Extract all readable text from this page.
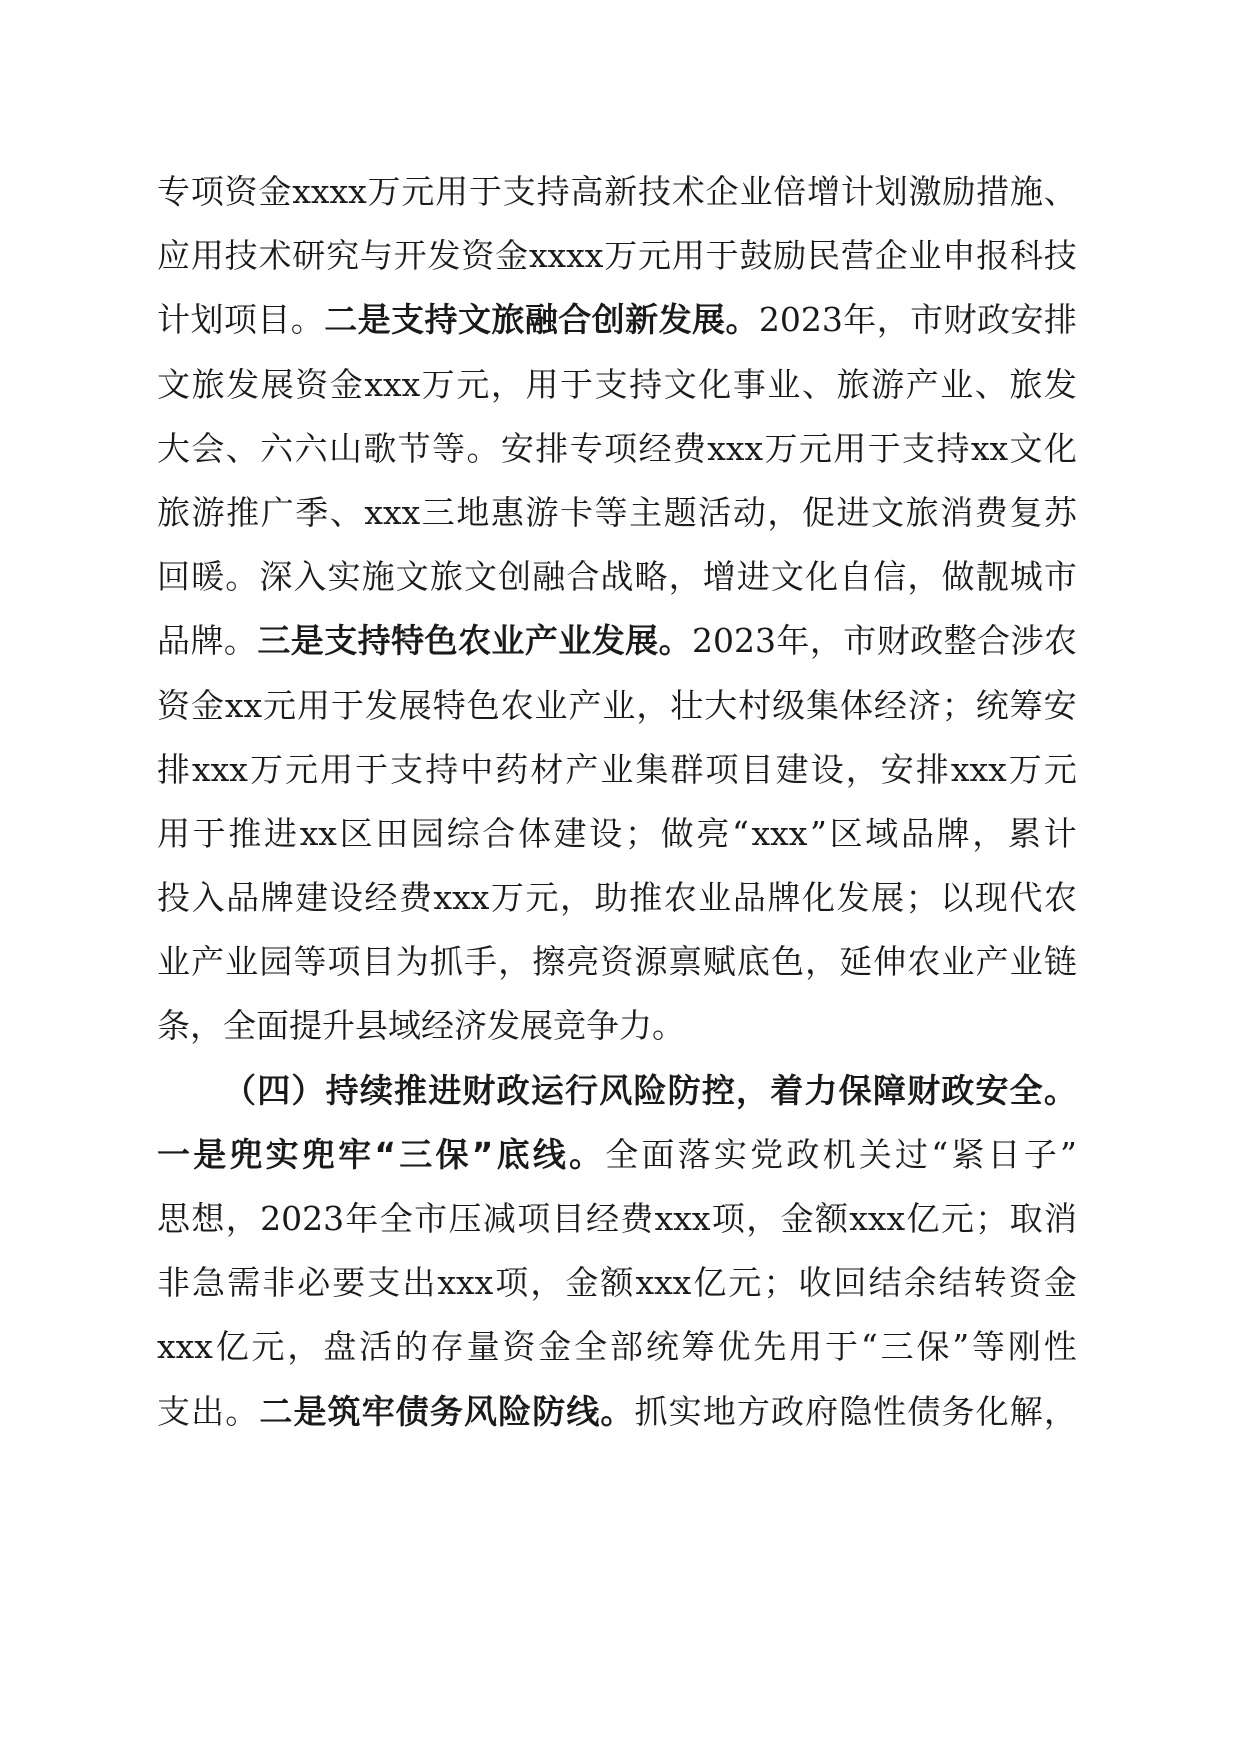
专 项 资 金 xxxx 万 元 用 于 支 持 高 新 技 术 企 业 倍 增 计 划 激 励 措 施 、
应 用 技 术 研 究 与 开 发 资 金 xxxx 万 元 用 于 鼓 励 民 营 企 业 申 报 科 技
计 划 项 目 。 二 是 支 持 文 旅 融 合 创 新 发 展 。 2023 年 ， 市 财 政 安 排
文 旅 发 展 资 金 xxx 万 元 ， 用 于 支 持 文 化 事 业 、 旅 游 产 业 、 旅 发
大 会 、 六 六 山 歌 节 等 。 安 排 专 项 经 费 xxx 万 元 用 于 支 持 xx 文 化
旅 游 推 广 季 、 xxx 三 地 惠 游 卡 等 主 题 活 动 ， 促 进 文 旅 消 费 复 苏
回 暖 。 深 入 实 施 文 旅 文 创 融 合 战 略 ， 增 进 文 化 自 信 ， 做 靓 城 市
品 牌 。 三 是 支 持 特 色 农 业 产 业 发 展 。 2023 年 ， 市 财 政 整 合 涉 农
资 金 xx 元 用 于 发 展 特 色 农 业 产 业 ， 壮 大 村 级 集 体 经 济 ； 统 筹 安
排 xxx 万 元 用 于 支 持 中 药 材 产 业 集 群 项 目 建 设 ， 安 排 xxx 万 元
用 于 推 进 xx 区 田 园 综 合 体 建 设 ； 做 亮 “ xxx ” 区 域 品 牌 ， 累 计
投 入 品 牌 建 设 经 费 xxx 万 元 ， 助 推 农 业 品 牌 化 发 展 ； 以 现 代 农
业 产 业 园 等 项 目 为 抓 手 ， 擦 亮 资 源 禀 赋 底 色 ， 延 伸 农 业 产 业 链
条 ， 全 面 提 升 县 域 经 济 发 展 竞 争 力 。
（ 四 ） 持 续 推 进 财 政 运 行 风 险 防 控 ， 着 力 保 障 财 政 安 全 。
一 是 兜 实 兜 牢 “ 三 保 ” 底 线 。 全 面 落 实 党 政 机 关 过 “ 紧 日 子 ”
思 想 ， 2023 年 全 市 压 减 项 目 经 费 xxx 项 ， 金 额 xxx 亿 元 ； 取 消
非 急 需 非 必 要 支 出 xxx 项 ， 金 额 xxx 亿 元 ； 收 回 结 余 结 转 资 金
xxx 亿 元 ， 盘 活 的 存 量 资 金 全 部 统 筹 优 先 用 于 “ 三 保 ” 等 刚 性
支 出 。 二 是 筑 牢 债 务 风 险 防 线 。 抓 实 地 方 政 府 隐 性 债 务 化 解 ，
